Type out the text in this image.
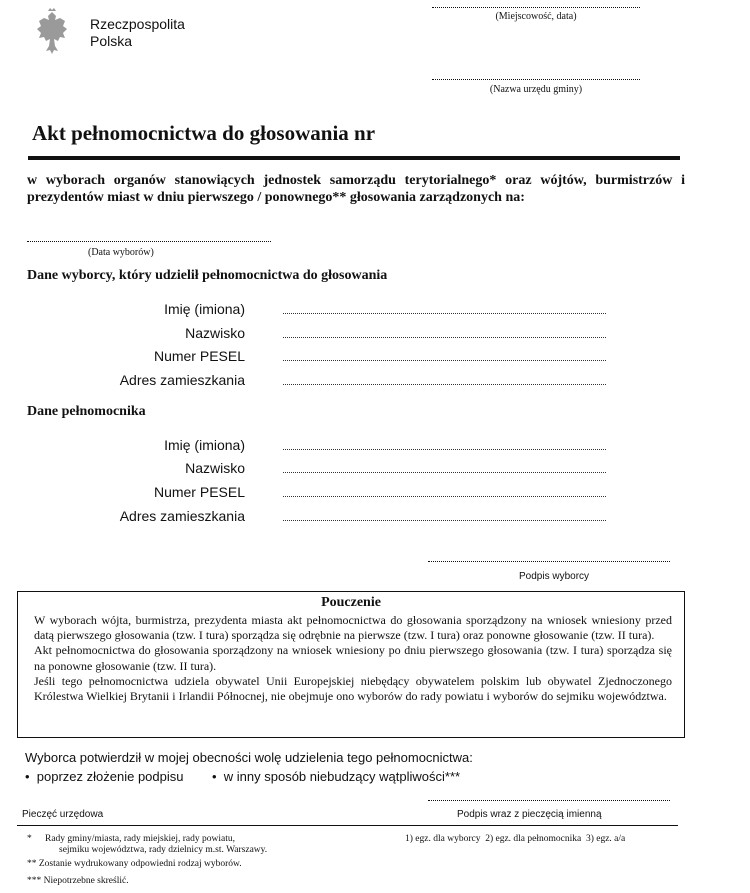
Rzeczpospolita
Polska
(Miejscowość, data)
(Nazwa urzędu gminy)
Akt pełnomocnictwa do głosowania nr
w wyborach organów stanowiących jednostek samorządu terytorialnego* oraz wójtów, burmistrzów i prezydentów miast w dniu pierwszego / ponownego** głosowania zarządzonych na:
(Data wyborów)
Dane wyborcy, który udzielił pełnomocnictwa do głosowania
Imię (imiona)
Nazwisko
Numer PESEL
Adres zamieszkania
Dane pełnomocnika
Imię (imiona)
Nazwisko
Numer PESEL
Adres zamieszkania
Podpis wyborcy
Pouczenie
W wyborach wójta, burmistrza, prezydenta miasta akt pełnomocnictwa do głosowania sporządzony na wniosek wniesiony przed datą pierwszego głosowania (tzw. I tura) sporządza się odrębnie na pierwsze (tzw. I tura) oraz ponowne głosowanie (tzw. II tura).
Akt pełnomocnictwa do głosowania sporządzony na wniosek wniesiony po dniu pierwszego głosowania (tzw. I tura) sporządza się na ponowne głosowanie (tzw. II tura).
Jeśli tego pełnomocnictwa udziela obywatel Unii Europejskiej niebędący obywatelem polskim lub obywatel Zjednoczonego Królestwa Wielkiej Brytanii i Irlandii Północnej, nie obejmuje ono wyborów do rady powiatu i wyborów do sejmiku województwa.
Wyborca potwierdził w mojej obecności wolę udzielenia tego pełnomocnictwa:
•  poprzez złożenie podpisu •  w inny sposób niebudzący wątpliwości***
Pieczęć urzędowa	Podpis wraz z pieczęcią imienną
* Rady gminy/miasta, rady miejskiej, rady powiatu,
sejmiku województwa, rady dzielnicy m.st. Warszawy.
1) egz. dla wyborcy  2) egz. dla pełnomocnika  3) egz. a/a
** Zostanie wydrukowany odpowiedni rodzaj wyborów.
*** Niepotrzebne skreślić.
